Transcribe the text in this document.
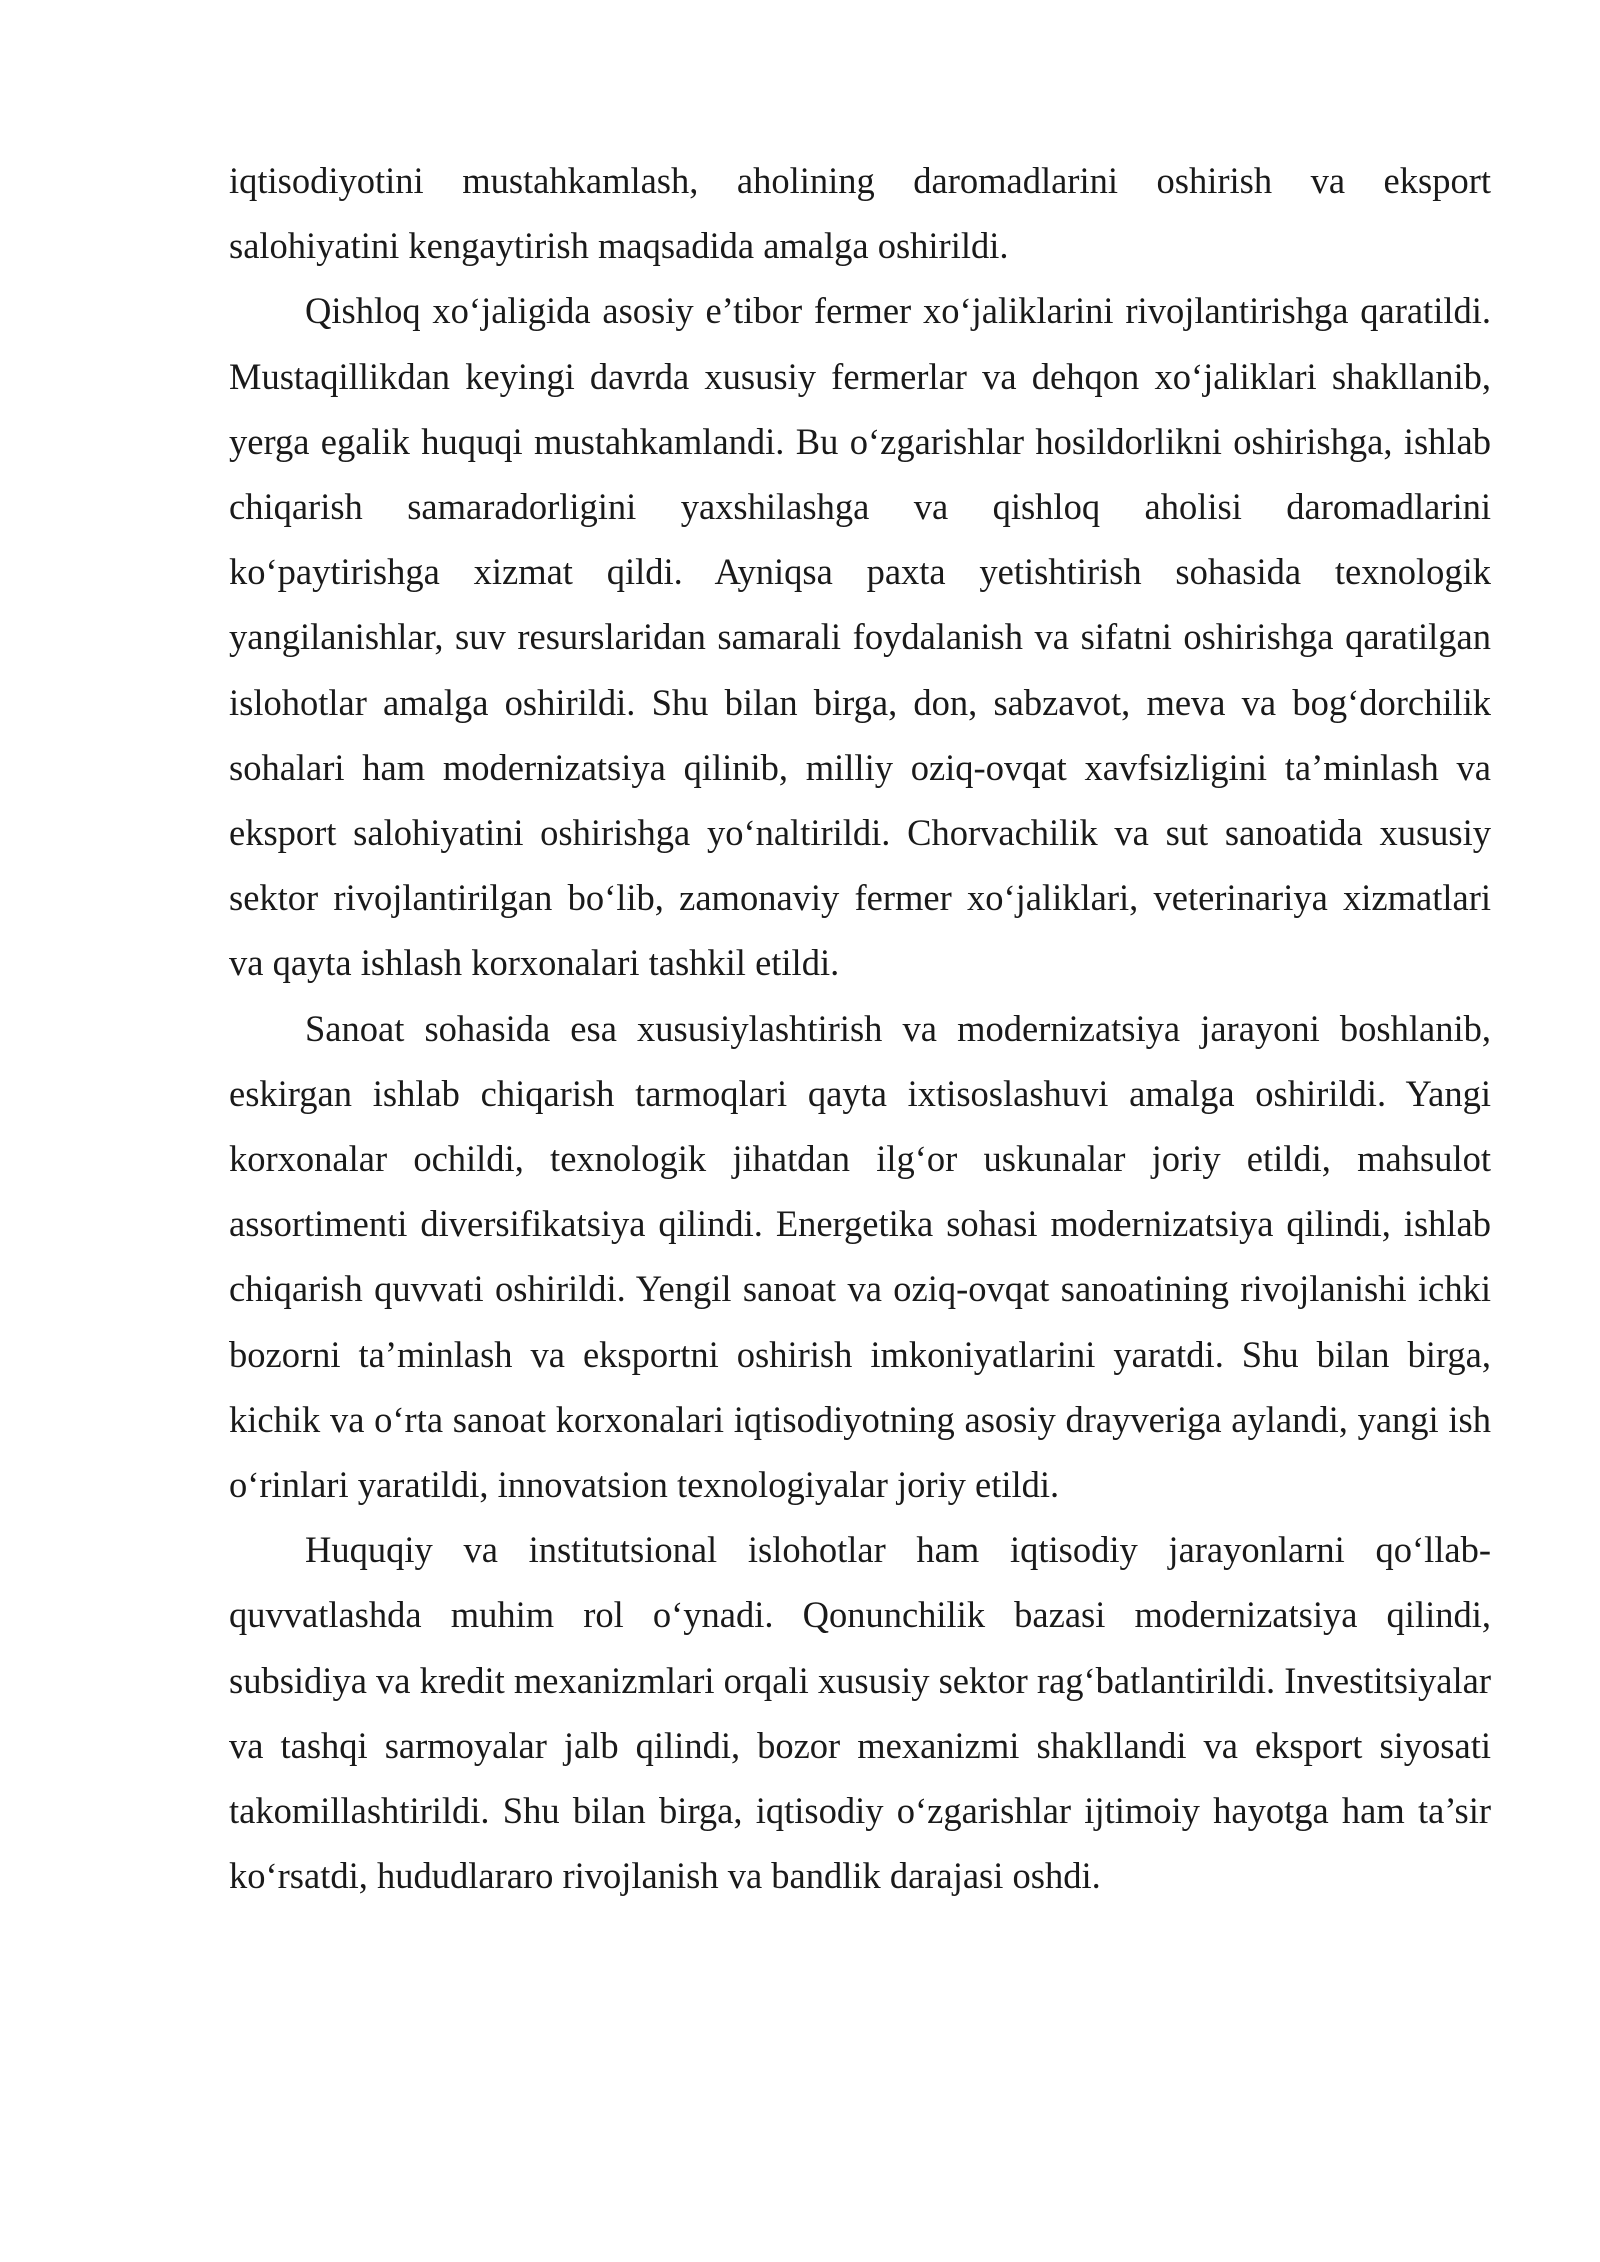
iqtisodiyotini mustahkamlash, aholining daromadlarini oshirish va eksport salohiyatini kengaytirish maqsadida amalga oshirildi.

Qishloq xo‘jaligida asosiy e’tibor fermer xo‘jaliklarini rivojlantirishga qaratildi. Mustaqillikdan keyingi davrda xususiy fermerlar va dehqon xo‘jaliklari shakllanib, yerga egalik huquqi mustahkamlandi. Bu o‘zgarishlar hosildorlikni oshirishga, ishlab chiqarish samaradorligini yaxshilashga va qishloq aholisi daromadlarini ko‘paytirishga xizmat qildi. Ayniqsa paxta yetishtirish sohasida texnologik yangilanishlar, suv resurslaridan samarali foydalanish va sifatni oshirishga qaratilgan islohotlar amalga oshirildi. Shu bilan birga, don, sabzavot, meva va bog‘dorchilik sohalari ham modernizatsiya qilinib, milliy oziq-ovqat xavfsizligini ta’minlash va eksport salohiyatini oshirishga yo‘naltirildi. Chorvachilik va sut sanoatida xususiy sektor rivojlantirilgan bo‘lib, zamonaviy fermer xo‘jaliklari, veterinariya xizmatlari va qayta ishlash korxonalari tashkil etildi.

Sanoat sohasida esa xususiylashtirish va modernizatsiya jarayoni boshlanib, eskirgan ishlab chiqarish tarmoqlari qayta ixtisoslashuvi amalga oshirildi. Yangi korxonalar ochildi, texnologik jihatdan ilg‘or uskunalar joriy etildi, mahsulot assortimenti diversifikatsiya qilindi. Energetika sohasi modernizatsiya qilindi, ishlab chiqarish quvvati oshirildi. Yengil sanoat va oziq-ovqat sanoatining rivojlanishi ichki bozorni ta’minlash va eksportni oshirish imkoniyatlarini yaratdi. Shu bilan birga, kichik va o‘rta sanoat korxonalari iqtisodiyotning asosiy drayveriga aylandi, yangi ish o‘rinlari yaratildi, innovatsion texnologiyalar joriy etildi.

Huquqiy va institutsional islohotlar ham iqtisodiy jarayonlarni qo‘llab-quvvatlashda muhim rol o‘ynadi. Qonunchilik bazasi modernizatsiya qilindi, subsidiya va kredit mexanizmlari orqali xususiy sektor rag‘batlantirildi. Investitsiyalar va tashqi sarmoyalar jalb qilindi, bozor mexanizmi shakllandi va eksport siyosati takomillashtirildi. Shu bilan birga, iqtisodiy o‘zgarishlar ijtimoiy hayotga ham ta’sir ko‘rsatdi, hududlararo rivojlanish va bandlik darajasi oshdi.
